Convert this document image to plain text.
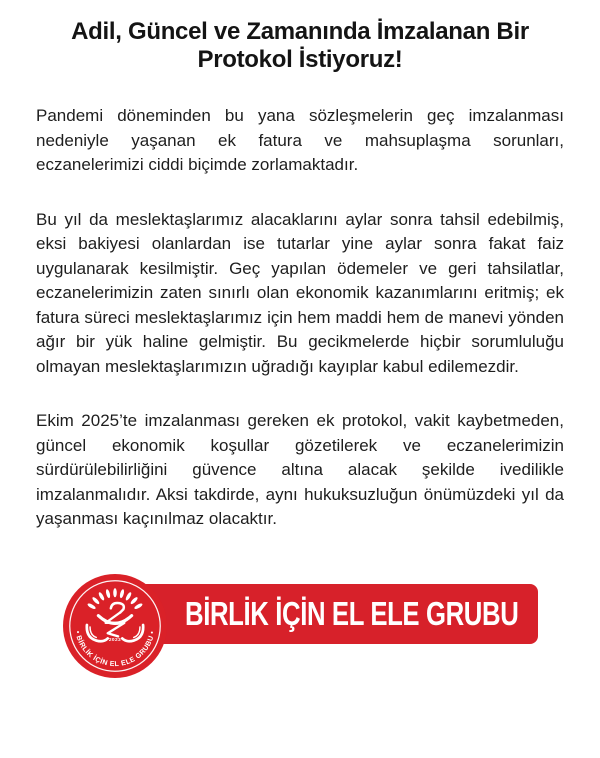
Adil, Güncel ve Zamanında İmzalanan Bir Protokol İstiyoruz!

Pandemi döneminden bu yana sözleşmelerin geç imzalanması nedeniyle yaşanan ek fatura ve mahsuplaşma sorunları, eczanelerimizi ciddi biçimde zorlamaktadır.

Bu yıl da meslektaşlarımız alacaklarını aylar sonra tahsil edebilmiş, eksi bakiyesi olanlardan ise tutarlar yine aylar sonra fakat faiz uygulanarak kesilmiştir. Geç yapılan ödemeler ve geri tahsilatlar, eczanelerimizin zaten sınırlı olan ekonomik kazanımlarını eritmiş; ek fatura süreci meslektaşlarımız için hem maddi hem de manevi yönden ağır bir yük haline gelmiştir. Bu gecikmelerde hiçbir sorumluluğu olmayan meslektaşlarımızın uğradığı kayıplar kabul edilemezdir.

Ekim 2025’te imzalanması gereken ek protokol, vakit kaybetmeden, güncel ekonomik koşullar gözetilerek ve eczanelerimizin sürdürülebilirliğini güvence altına alacak şekilde ivedilikle imzalanmalıdır. Aksi takdirde, aynı hukuksuzluğun önümüzdeki yıl da yaşanması kaçınılmaz olacaktır.

BİRLİK İÇİN EL ELE GRUBU
2023
• BİRLİK İÇİN EL ELE GRUBU •
